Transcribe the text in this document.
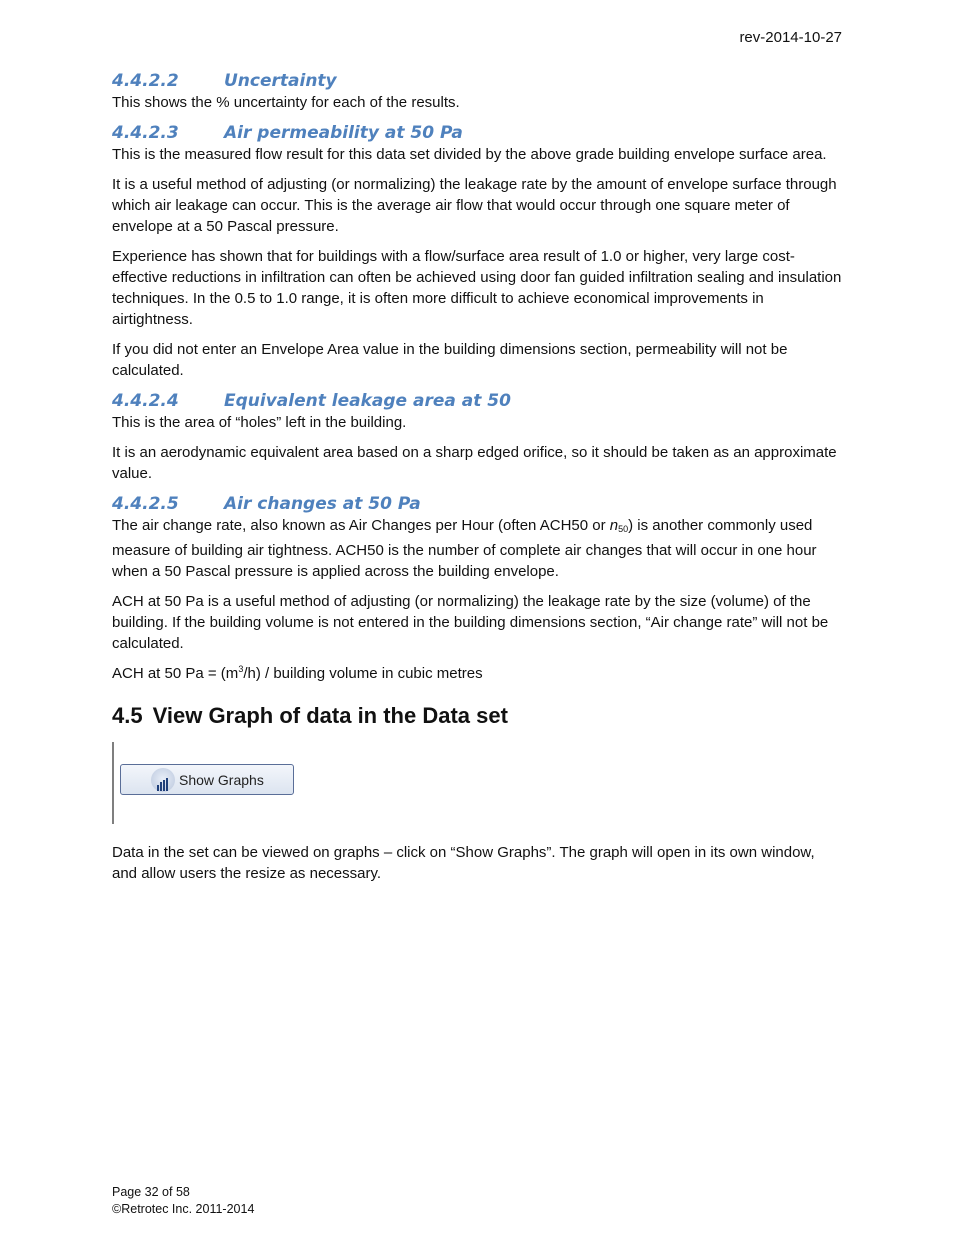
rev-2014-10-27
4.4.2.2	Uncertainty

This shows the % uncertainty for each of the results.

4.4.2.3	Air permeability at 50 Pa

This is the measured flow result for this data set divided by the above grade building envelope surface area.

It is a useful method of adjusting (or normalizing) the leakage rate by the amount of envelope surface through which air leakage can occur. This is the average air flow that would occur through one square meter of envelope at a 50 Pascal pressure.

Experience has shown that for buildings with a flow/surface area result of 1.0 or higher, very large cost-effective reductions in infiltration can often be achieved using door fan guided infiltration sealing and insulation techniques. In the 0.5 to 1.0 range, it is often more difficult to achieve economical improvements in airtightness.

If you did not enter an Envelope Area value in the building dimensions section, permeability will not be calculated.

4.4.2.4	Equivalent leakage area at 50

This is the area of “holes” left in the building.

It is an aerodynamic equivalent area based on a sharp edged orifice, so it should be taken as an approximate value.

4.4.2.5	Air changes at 50 Pa

The air change rate, also known as Air Changes per Hour (often ACH50 or $n_{50}$) is another commonly used measure of building air tightness. ACH50 is the number of complete air changes that will occur in one hour when a 50 Pascal pressure is applied across the building envelope.

ACH at 50 Pa is a useful method of adjusting (or normalizing) the leakage rate by the size (volume) of the building. If the building volume is not entered in the building dimensions section, “Air change rate” will not be calculated.

ACH at 50 $Pa = (m^3/h)$ / building volume in cubic metres

4.5 View Graph of data in the Data set
Show Graphs

Data in the set can be viewed on graphs – click on “Show Graphs”. The graph will open in its own window, and allow users the resize as necessary.

Page 32 of 58
©Retrotec Inc. 2011-2014
